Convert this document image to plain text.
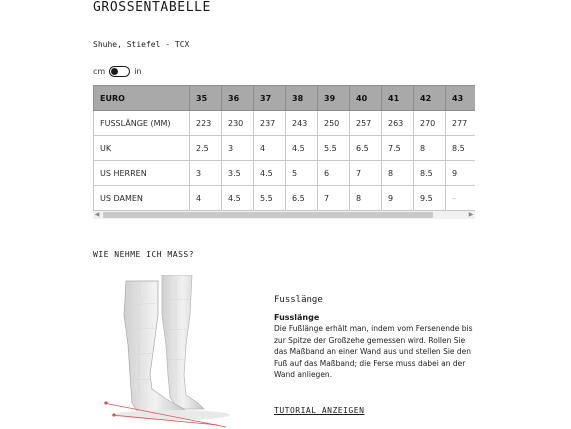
GRÖSSENTABELLE
Shuhe, Stiefel - TCX
cm	in
EURO	35	36	37	38	39	40	41	42	43
FUSSLÄNGE (MM)	223	230	237	243	250	257	263	270	277
UK	2.5	3	4	4.5	5.5	6.5	7.5	8	8.5
US HERREN	3	3.5	4.5	5	6	7	8	8.5	9
US DAMEN	4	4.5	5.5	6.5	7	8	9	9.5	–
◀	▶
WIE NEHME ICH MASS?
Fusslänge
Fusslänge
Die Fußlänge erhält man, indem vom Fersenende bis zur Spitze der Großzehe gemessen wird. Rollen Sie das Maßband an einer Wand aus und stellen Sie den Fuß auf das Maßband; die Ferse muss dabei an der Wand anliegen.
TUTORIAL ANZEIGEN
